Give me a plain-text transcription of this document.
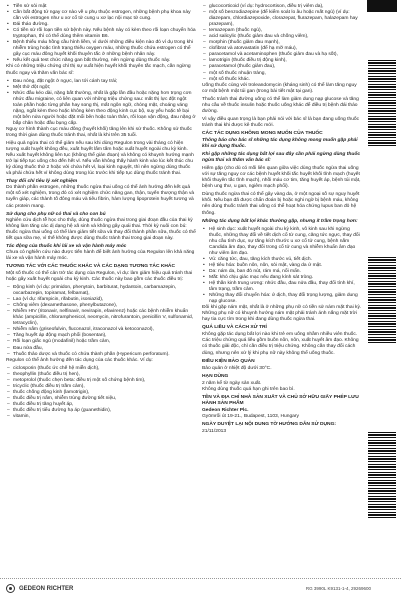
• Tiền sử sỏi mật
• Cần bất động tứ ngay cơ nào về u phụ thuộc estrogen, những bệnh phụ khoa này cần với estrogen như u xơ cổ tử cung u xơ lạc nội mạc tử cung.
• Đái tháo đường.
• Có tiền sử rối loạn tiền sử bệnh này. Nếu bệnh này có kèm theo rối loạn chuyển hóa tryptophan, thì có thể dùng thêm vitamin B6.
• Bệnh thiếu máu hồng cầu hình liềm, vì dưới những điều kiện nào đó ví dụ trong khi nhiễm trùng hoặc tình trạng thiếu oxygen máu, những thuốc chứa estrogen có thể gây cục máu đông huyết khối thuyên tắc ở những bệnh nhân này.
• Nếu kết quả test chức năng gan bất thường, nên ngừng dùng thuốc này.

Khi có những triệu chứng chỉ thị sự xuất hiện huyết khối thuyên tắc mạch, cần ngừng thuốc ngay và thăm vấn bác sĩ:

• Đau nóng, đặt ngột ở ngực, lan tới cánh tay trái;
• Mệt thở đột ngột;
• Nhức đầu kéo dài, nặng bất thường, nhất là gặp lần đầu hoặc nặng hơn trọng cơn nhức đầu migraine, có liên quan với những triệu chứng sau: mất thị lực đột ngột toàn phần hoặc từng phần hay song thị, mất ngôn ngữ, chóng mặt, choáng váng nặng, ngất kèm theo hoặc không kèm theo động kinh cục bộ, suy yếu hoặc tê bại một bên nửa người hoặc đặt mổi bên hoặc toàn thân, rối loạn vận động, đau nặng ở bắp chân hoặc đầu bụng cấp.

Nguy cơ hình thành cục máu đông (huyết khối) tăng lên khi sử thuốc. Không sử thuốc trong thời gian dùng thuốc tránh thai, nhất là khi trên 35 tuổi.

Hiệu quả ngừa thai có thể giảm nếu sau khi dùng Regulon trong vài tháng có hiện tượng xuất huyết không đều, xuất huyết lấm tấm hoặc xuất huyết ngoài chu kỳ kinh. Nếu xuất huyết không liên tục (không thể gián đoạn) và không có khuynh hướng mạnh trở lại tiếp tục uống cho đến hết vỉ. Nếu vẫn không thấy hành kinh vào lúc kết thúc chu kỳ dùng thuốc thứ 2 hoặc với chứa hết vỉ, loại kinh nguyệt, thì nên ngừng dùng thuốc và phải chứa hết vỉ không dùng trong lúc trước khi tiếp tục dùng thuốc tránh thai.

Thay đổi chỉ tiêu lý xét nghiệm

Do thành phần estrogen, những thuốc ngừa thai uống có thể ảnh hưởng đến kết quả một số xét nghiệm, trong đó có xét nghiệm chức năng gan, thận, tuyến thượng thận và tuyến giáp, các thành tố đông máu và tiêu fibrin, hàm lượng lipoprotein huyết tương và các protein mang.

Sử dụng cho phụ nữ có thai và cho con bú

Nghiên cứu dịch tễ học cho thấy, dùng thuốc ngừa thai trong giai đoạn đầu của thai kỳ không làm tăng các dị dạng hệ xã sinh và không gây quái thai. Thời kỳ nuôi con bú: thuốc ngừa thai uống có thể làm giảm tiết sữa và thay đổi thành phần sữa, thuốc có thể tiết qua sữa mẹ, vì thế không được dùng thuốc tránh thai trong giai đoạn này.

Tác động của thuốc khi lái xe và vận hành máy móc

Chưa có nghiên cứu nào được tiến hành để biết ảnh hưởng của Regulon lên khả năng lái xe và vận hành máy móc.

TƯƠNG TÁC VỚI CÁC THUỐC KHÁC VÀ CÁC DẠNG TƯƠNG TÁC KHÁC

Một số thuốc có thể cản trở tác dụng của Regulon, vì dụ: làm giảm hiệu quả tránh thai hoặc gây xuất huyết ngoài chu kỳ kinh. Các thuốc này bao gồm các thuốc điều trị:

– Động kinh (ví dụ: primidon, phenytoin, barbiturat, hydantoin, carbamazepin, oxcarbazepin, topiramat, felbamat),
– Lao (ví dụ: rifampicin, rifabutin, isoniazid),
– Chống viêm (dexamethasone, phenylbutazone),
– Nhiễm HIV (ritonavir, nelfinavir, nevirapin, efavirenz) hoặc các bệnh nhiễm khuẩn khác (ampicillin, chloramphenicol, neomycin, nitrofurantoin, penicillin V, sulfonamid, tetracyclin),
– Nhiễm nấm (griseofulvin, fluconazol, itraconazol và ketoconazol),
– Tăng huyết áp động mạch phổi (bosentan),
– Rối loạn giấc ngủ (modafinil) hoặc trầm cảm,
– Đau nửa đầu,
– Thuốc thảo dược và thuốc có chứa thành phần (Hypericum perforatum).

Regulon có thể ảnh hưởng đến tác dụng của các thuốc khác. Ví dụ:

– ciclosporin (thuốc ức chế hệ miễn dịch),
– theophyllin (thuốc điều trị hen),
– metoprolol (thuốc chẹn beta: điều trị một số chứng bệnh tim),
– tricyclic (thuốc điều trị trầm cảm),
– thuốc chống động kinh (lamotrigin),
– thuốc điều trị nấm, nhiễm trùng đường tiết niệu,
– thuốc điều trị tăng huyết áp,
– thuốc điều trị tiểu đường hạ áp (guanethidin),
– vitamin,
– glucocorticoid (ví dụ: hydrocortison, điều trị viêm da),
– một số benzodiazepine (để kiểm soát lo âu hoặc mất ngủ) (ví dụ: diazepam, chlordiazepoxide, clorazepat, flurazepam, halazepam hay prazepam),
– temazepam (thuốc ngủ),
– acid salicylic (thuốc giảm đau và chống viêm),
– morphin (thuốc giảm đau mạnh),
– clofibrat và atorvastatin (để hạ mỡ máu),
– paracetamol và acetaminophen (thuốc giảm đau và hạ sốt),
– lamotrigin (thuốc điều trị động kinh),
– paracetamol (thuốc giảm đau),
– một số thuốc nhuận tràng,
– một số thuốc khác.

Uống thuốc cùng với troleandomycin (kháng sinh) có thể làm tăng nguy cơ mật bệnh mật túi gan (trong bài tiết mật tại gan).

Thuốc tránh thai đường uống có thể làm giảm dung nạp glucose và tăng nhu cầu về thuốc insulin hoặc thuốc uống khác để điều trị bệnh đái tháo đường.

Vì vậy điều quan trọng là bạn phải nói với bác sĩ là bạn đang uống thuốc tránh thai khi được kê thuốc mới.

CÁC TÁC DỤNG KHÔNG MONG MUỐN CỦA THUỐC

Thông báo cho bác sĩ những tác dụng không mong muốn gặp phải khi sử dụng thuốc.

Khi gặp những tác dụng bất lợi sau đây cần phải ngừng dùng thuốc ngừa thai và thăm vấn bác sĩ:

Hiếm gặp (cho dù có mối liên quan giữa việc dùng thuốc ngừa thai uống với sự tăng nguy cơ các bệnh huyết khối tắc huyết khối tĩnh mạch (huyết khối thuyên tắc tĩnh mạch), nhồi máu cơ tim, tăng huyết áp, bệnh túi mật, bệnh ung thư, u gan, ngiêm mạch phổi).

Dùng thuốc ngừa thai có thể gây vàng da, ở một ngoại số sự nguy huyết khối. Nếu bạn đã được chẩn đoán bị hoặc nghi ngờ bị bệnh máu, không nên dùng thuốc tránh thai uống có thể hoạt hóa chứng lupus ban đỏ hệ thống.

Những tác dụng bất lợi khác thường gặp, nhưng ít trầm trọng hơn:

• Hệ sinh dục: xuất huyết ngoài chu kỳ kinh, vô kinh sau khi ngừng thuốc, những thay đổi về tiết dịch cổ tử cung, căng tức ngực, thay đổi nhu cầu tình dục, sự tăng kích thước u xơ cổ tử cung, bệnh nấm Candida âm đạo, thay đổi trong cổ tử cung và nhiễm khuẩn âm đạo như viêm âm đạo.
• Vú: căng tức, đau, tăng kích thước vú, tiết dịch.
• Hệ tiêu hóa: buồn nôn, nôn, sỏi mật, vàng da ứ mật.
• Da: nám da, ban đỏ nút, rám má, nổi mẩn.
• Mắt: khó chịu giác mạc nếu đang kính sát tròng.
• Hệ thần kinh trung ương: nhức đầu, đau nửa đầu, thay đổi tính khí, tâm trạng, trầm cảm.
• Những thay đổi chuyển hóa: ứ dịch, thay đổi trọng lượng, giảm dung nạp glucose.

Đôi khi gặp nám mặt, nhất là ở những phụ nữ có tiền sử nám mặt thai kỳ. Những phụ nữ có khuynh hướng nám mặt phải tránh ánh nắng mặt trời hay tia cực tím trong khi đang dùng thuốc ngừa thai.

QUÁ LIỀU VÀ CÁCH XỬ TRÍ

Không gặp tác dụng bất lợi nào khi trẻ em uống nhầm nhiều viên thuốc. Các triệu chứng quá liều gồm buồn nôn, nôn, xuất huyết âm đạo. Không có thuốc giải độc, chỉ cần điều trị triệu chứng. Không cần thay đổi cách dùng, nhưng nên xử lý khi phụ nữ này không thể uống thuốc.

ĐIỀU KIỆN BẢO QUẢN

Bảo quản ở nhiệt độ dưới 30°C.

HẠN DÙNG

2 năm kể từ ngày sản xuất.

Không dùng thuốc quá hạn ghi trên bao bì.

TÊN VÀ ĐỊA CHỈ NHÀ SẢN XUẤT VÀ CHỦ SỞ HỮU GIẤY PHÉP LƯU HÀNH SẢN PHẨM

Gedeon Richter Plc.

Gyömrői út 19-21., Budapest, 1103, Hungary

NGÀY DUYỆT LẠI NỘI DUNG TỜ HƯỚNG DẪN SỬ DỤNG:

21/11/2013

GEDEON RICHTER	RG 3990L K9131-1-4, 29269600
